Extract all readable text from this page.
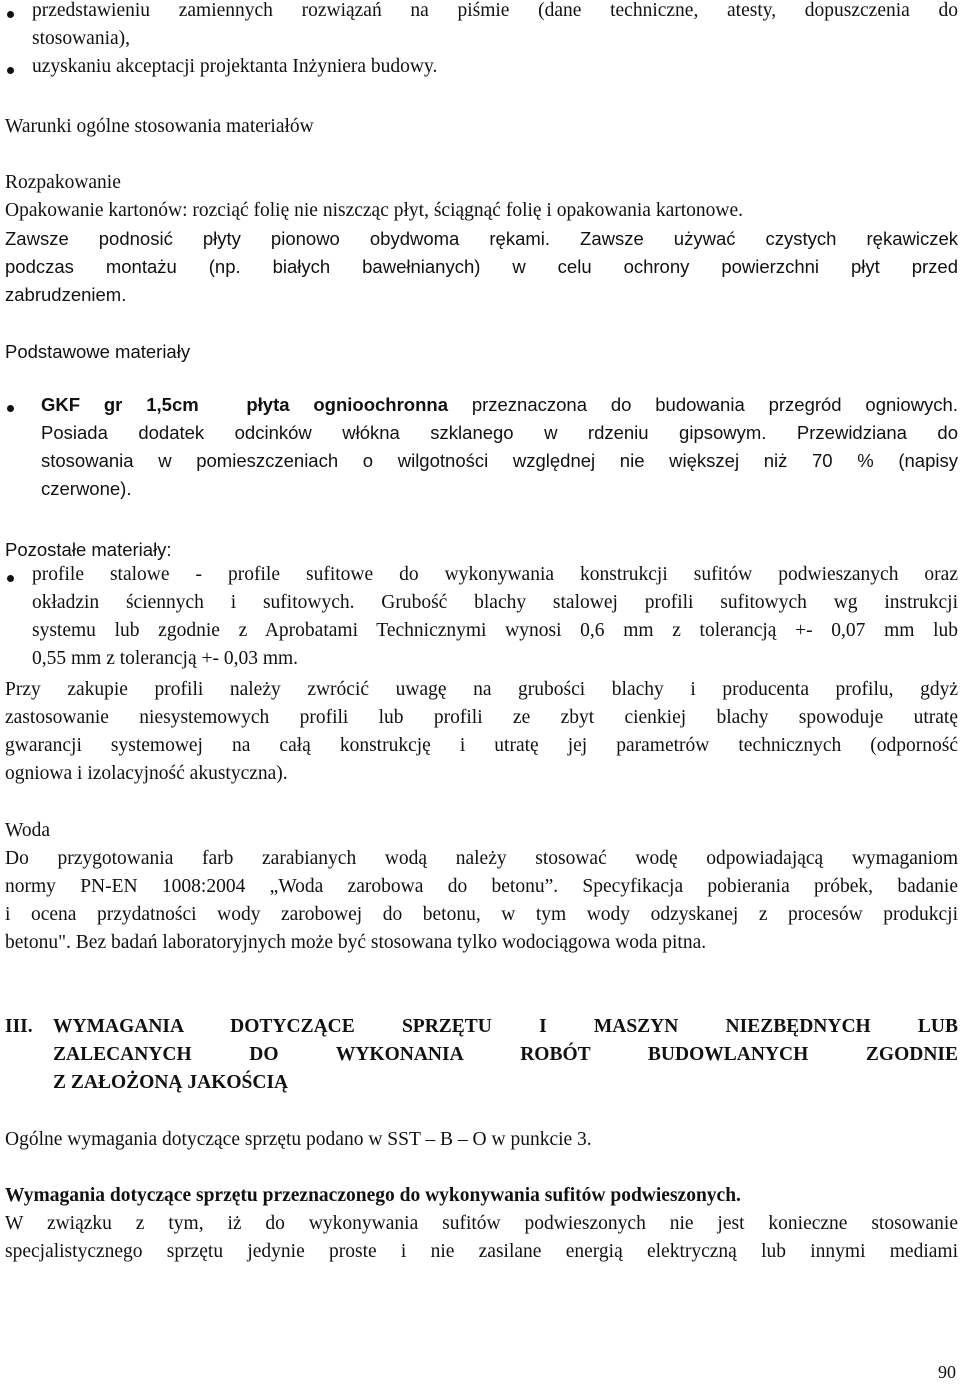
przedstawieniu zamiennych rozwiązań na piśmie (dane techniczne, atesty, dopuszczenia do
stosowania),
uzyskaniu akceptacji projektanta Inżyniera budowy.
Warunki ogólne stosowania materiałów
Rozpakowanie
Opakowanie kartonów: rozciąć folię nie niszcząc płyt, ściągnąć folię i opakowania kartonowe.
Zawsze podnosić płyty pionowo obydwoma rękami. Zawsze używać czystych rękawiczek
podczas montażu (np. białych bawełnianych) w celu ochrony powierzchni płyt przed
zabrudzeniem.
Podstawowe materiały
GKF gr 1,5cm  płyta ognioochronna przeznaczona do budowania przegród ogniowych.
Posiada dodatek odcinków włókna szklanego w rdzeniu gipsowym. Przewidziana do
stosowania w pomieszczeniach o wilgotności względnej nie większej niż 70 % (napisy
czerwone).
Pozostałe materiały:
profile stalowe - profile sufitowe do wykonywania konstrukcji sufitów podwieszanych oraz
okładzin ściennych i sufitowych. Grubość blachy stalowej profili sufitowych wg instrukcji
systemu lub zgodnie z Aprobatami Technicznymi wynosi 0,6 mm z tolerancją +- 0,07 mm lub
0,55 mm z tolerancją +- 0,03 mm.
Przy zakupie profili należy zwrócić uwagę na grubości blachy i producenta profilu, gdyż
zastosowanie niesystemowych profili lub profili ze zbyt cienkiej blachy spowoduje utratę
gwarancji systemowej na całą konstrukcję i utratę jej parametrów technicznych (odporność
ogniowa i izolacyjność akustyczna).
Woda
Do przygotowania farb zarabianych wodą należy stosować wodę odpowiadającą wymaganiom
normy PN-EN 1008:2004 „Woda zarobowa do betonu”. Specyfikacja pobierania próbek, badanie
i ocena przydatności wody zarobowej do betonu, w tym wody odzyskanej z procesów produkcji
betonu". Bez badań laboratoryjnych może być stosowana tylko wodociągowa woda pitna.
III. WYMAGANIA DOTYCZĄCE SPRZĘTU I MASZYN NIEZBĘDNYCH LUB
ZALECANYCH DO WYKONANIA ROBÓT BUDOWLANYCH ZGODNIE
Z ZAŁOŻONĄ JAKOŚCIĄ
Ogólne wymagania dotyczące sprzętu podano w SST – B – O w punkcie 3.
Wymagania dotyczące sprzętu przeznaczonego do wykonywania sufitów podwieszonych.
W związku z tym, iż do wykonywania sufitów podwieszonych nie jest konieczne stosowanie
specjalistycznego sprzętu jedynie proste i nie zasilane energią elektryczną lub innymi mediami
90
